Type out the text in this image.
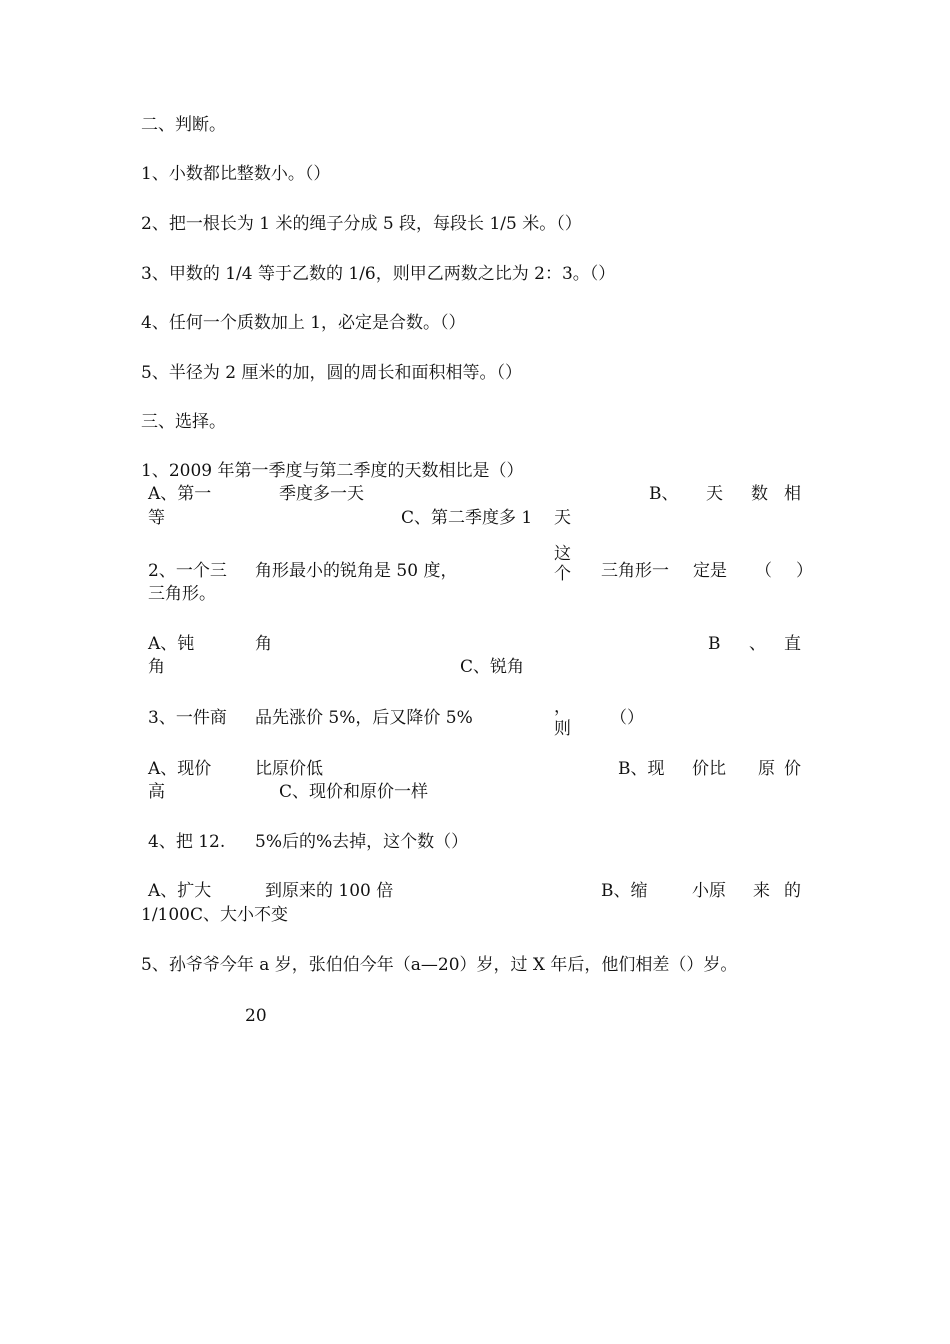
二、判断。
1、小数都比整数小。（）
2、把一根长为 1 米的绳子分成 5 段，每段长 1/5 米。（）
3、甲数的 1/4 等于乙数的 1/6，则甲乙两数之比为 2：3。（）
4、任何一个质数加上 1，必定是合数。（）
5、半径为 2 厘米的加，圆的周长和面积相等。（）
三、选择。
1、2009 年第一季度与第二季度的天数相比是（）
A、第一	季度多一天	B、 天 数 相
等	C、第二季度多 1 天
2、一个三 角形最小的锐角是 50 度，
这
个 三角形一 定是 （ ）
三角形。
A、钝	角	B 、 直
角	C、锐角
3、一件商 品先涨价 5%，后又降价 5%
，
则
（）
A、现价	比原价低	B、现 价比 原 价
高	C、现价和原价一样
4、把 12. 5%后的%去掉，这个数（）
A、扩大	到原来的 100 倍	B、缩	小原 来 的
1/100C、大小不变
5、孙爷爷今年 a 岁，张伯伯今年（a—20）岁，过 X 年后，他们相差（）岁。
20
